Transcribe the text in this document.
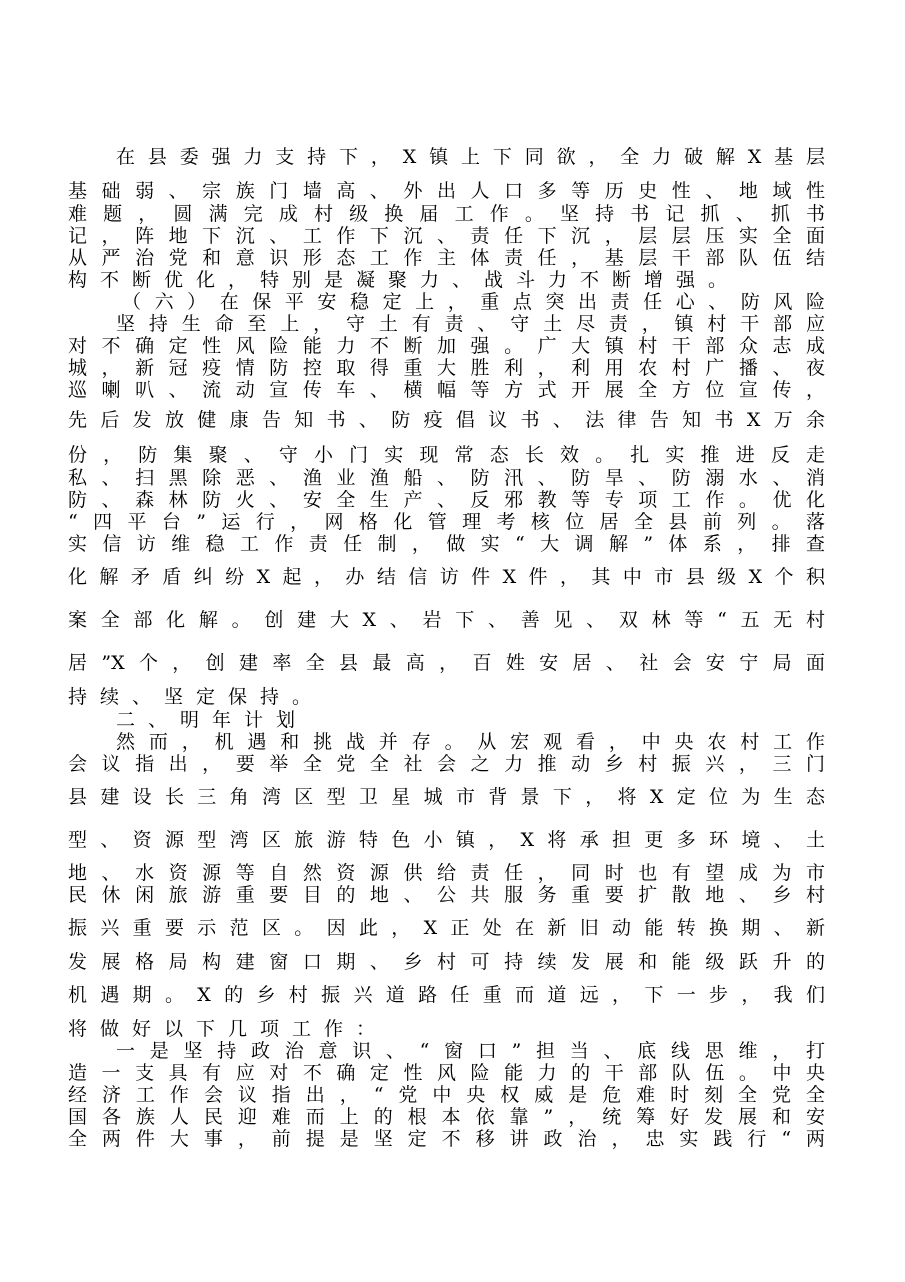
在县委强力支持下，X镇上下同欲，全力破解X基层
基础弱、宗族门墙高、外出人口多等历史性、地域性
难题，圆满完成村级换届工作。坚持书记抓、抓书
记，阵地下沉、工作下沉、责任下沉，层层压实全面
从严治党和意识形态工作主体责任，基层干部队伍结
构不断优化，特别是凝聚力、战斗力不断增强。
（六）在保平安稳定上，重点突出责任心、防风险
坚持生命至上，守土有责、守土尽责，镇村干部应
对不确定性风险能力不断加强。广大镇村干部众志成
城，新冠疫情防控取得重大胜利，利用农村广播、夜
巡喇叭、流动宣传车、横幅等方式开展全方位宣传，
先后发放健康告知书、防疫倡议书、法律告知书X万余
份，防集聚、守小门实现常态长效。扎实推进反走
私、扫黑除恶、渔业渔船、防汛、防旱、防溺水、消
防、森林防火、安全生产、反邪教等专项工作。优化
“四平台”运行，网格化管理考核位居全县前列。落
实信访维稳工作责任制，做实“大调解”体系，排查
化解矛盾纠纷X起，办结信访件X件，其中市县级X个积
案全部化解。创建大X、岩下、善见、双林等“五无村
居”X个，创建率全县最高，百姓安居、社会安宁局面
持续、坚定保持。
二、明年计划
然而，机遇和挑战并存。从宏观看，中央农村工作
会议指出，要举全党全社会之力推动乡村振兴，三门
县建设长三角湾区型卫星城市背景下，将X定位为生态
型、资源型湾区旅游特色小镇，X将承担更多环境、土
地、水资源等自然资源供给责任，同时也有望成为市
民休闲旅游重要目的地、公共服务重要扩散地、乡村
振兴重要示范区。因此，X正处在新旧动能转换期、新
发展格局构建窗口期、乡村可持续发展和能级跃升的
机遇期。X的乡村振兴道路任重而道远，下一步，我们
将做好以下几项工作：
一是坚持政治意识、“窗口”担当、底线思维，打
造一支具有应对不确定性风险能力的干部队伍。中央
经济工作会议指出，“党中央权威是危难时刻全党全
国各族人民迎难而上的根本依靠”，统筹好发展和安
全两件大事，前提是坚定不移讲政治，忠实践行“两
